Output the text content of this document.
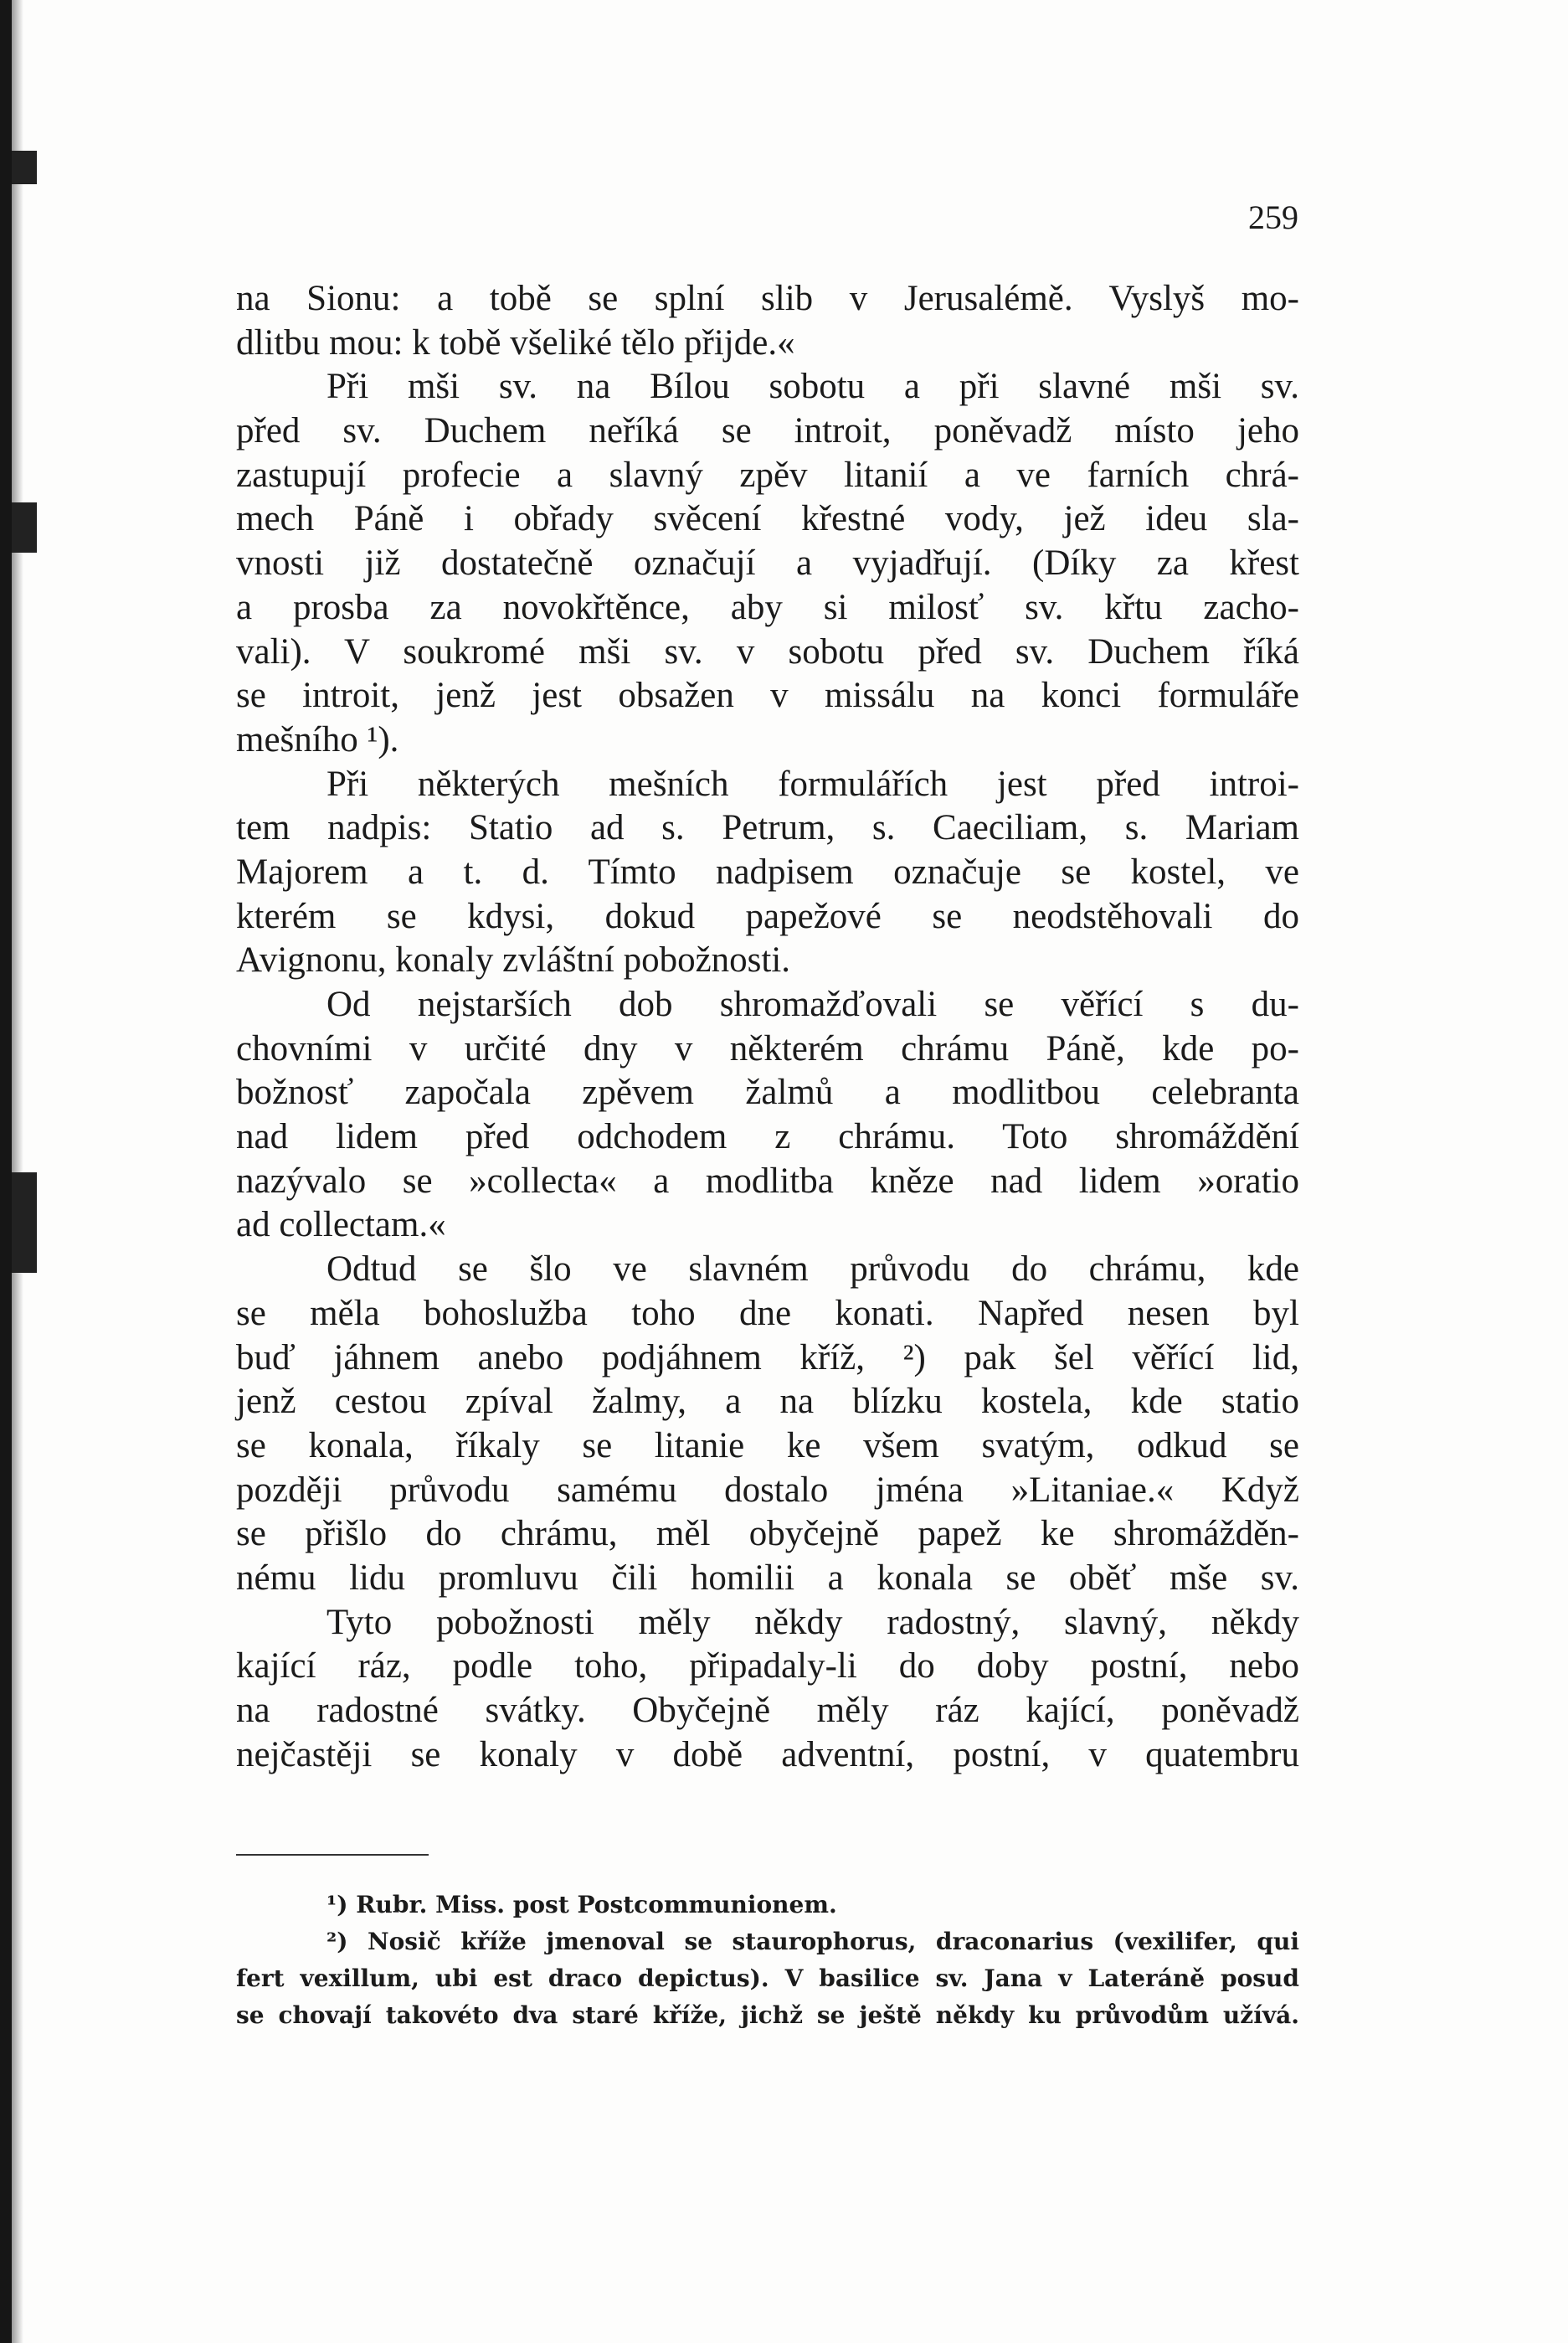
259
na Sionu: a tobě se splní slib v Jerusalémě. Vyslyš mo-
dlitbu mou: k tobě všeliké tělo přijde.«
Při mši sv. na Bílou sobotu a při slavné mši sv.
před sv. Duchem neříká se introit, poněvadž místo jeho
zastupují profecie a slavný zpěv litanií a ve farních chrá-
mech Páně i obřady svěcení křestné vody, jež ideu sla-
vnosti již dostatečně označují a vyjadřují. (Díky za křest
a prosba za novokřtěnce, aby si milosť sv. křtu zacho-
vali). V soukromé mši sv. v sobotu před sv. Duchem říká
se introit, jenž jest obsažen v missálu na konci formuláře
mešního ¹).
Při některých mešních formulářích jest před introi-
tem nadpis: Statio ad s. Petrum, s. Caeciliam, s. Mariam
Majorem a t. d. Tímto nadpisem označuje se kostel, ve
kterém se kdysi, dokud papežové se neodstěhovali do
Avignonu, konaly zvláštní pobožnosti.
Od nejstarších dob shromažďovali se věřící s du-
chovními v určité dny v některém chrámu Páně, kde po-
božnosť započala zpěvem žalmů a modlitbou celebranta
nad lidem před odchodem z chrámu. Toto shromáždění
nazývalo se »collecta« a modlitba kněze nad lidem »oratio
ad collectam.«
Odtud se šlo ve slavném průvodu do chrámu, kde
se měla bohoslužba toho dne konati. Napřed nesen byl
buď jáhnem anebo podjáhnem kříž, ²) pak šel věřící lid,
jenž cestou zpíval žalmy, a na blízku kostela, kde statio
se konala, říkaly se litanie ke všem svatým, odkud se
později průvodu samému dostalo jména »Litaniae.« Když
se přišlo do chrámu, měl obyčejně papež ke shromážděn-
nému lidu promluvu čili homilii a konala se oběť mše sv.
Tyto pobožnosti měly někdy radostný, slavný, někdy
kající ráz, podle toho, připadaly-li do doby postní, nebo
na radostné svátky. Obyčejně měly ráz kající, poněvadž
nejčastěji se konaly v době adventní, postní, v quatembru
¹) Rubr. Miss. post Postcommunionem.
²) Nosič kříže jmenoval se staurophorus, draconarius (vexilifer, qui
fert vexillum, ubi est draco depictus). V basilice sv. Jana v Lateráně posud
se chovají takovéto dva staré kříže, jichž se ještě někdy ku průvodům užívá.
